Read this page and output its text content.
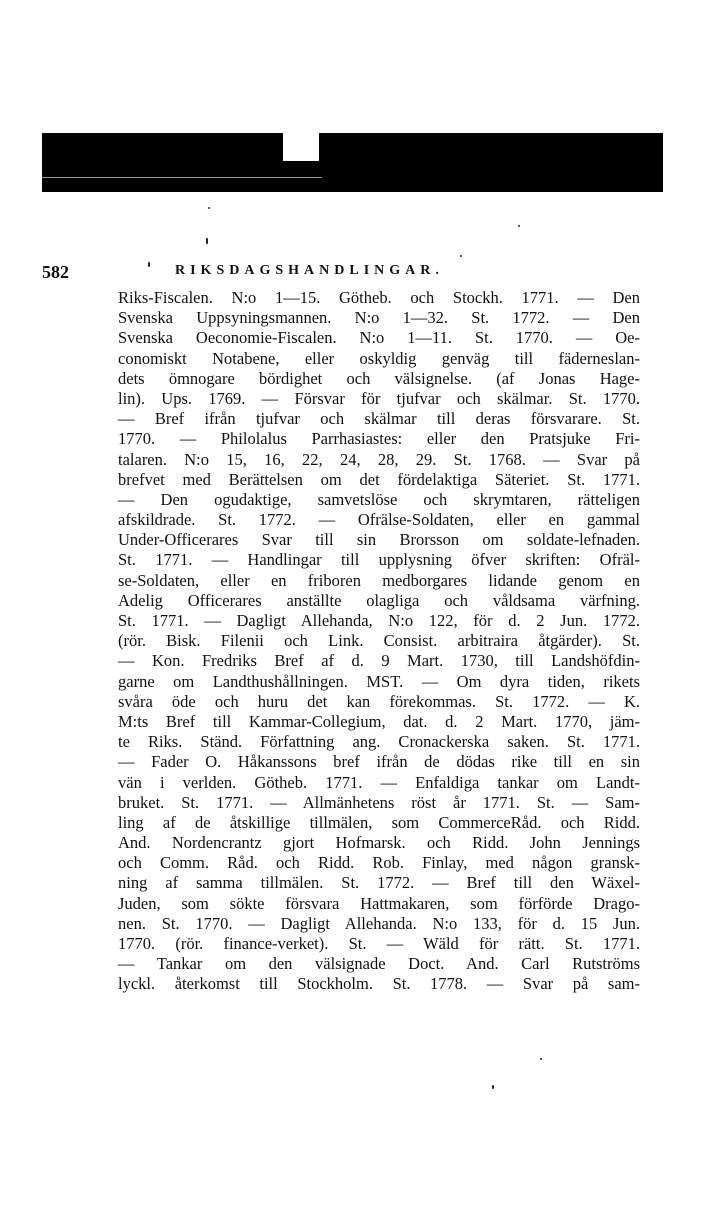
582	RIKSDAGSHANDLINGAR.
Riks-Fiscalen. N:o 1—15. Götheb. och Stockh. 1771. — Den
Svenska Uppsyningsmannen. N:o 1—32. St. 1772. — Den
Svenska Oeconomie-Fiscalen. N:o 1—11. St. 1770. — Oe-
conomiskt Notabene, eller oskyldig genväg till fäderneslan-
dets ömnogare bördighet och välsignelse. (af Jonas Hage-
lin). Ups. 1769. — Försvar för tjufvar och skälmar. St. 1770.
— Bref ifrån tjufvar och skälmar till deras försvarare. St.
1770. — Philolalus Parrhasiastes: eller den Pratsjuke Fri-
talaren. N:o 15, 16, 22, 24, 28, 29. St. 1768. — Svar på
brefvet med Berättelsen om det fördelaktiga Säteriet. St. 1771.
— Den ogudaktige, samvetslöse och skrymtaren, rätteligen
afskildrade. St. 1772. — Ofrälse-Soldaten, eller en gammal
Under-Officerares Svar till sin Brorsson om soldate-lefnaden.
St. 1771. — Handlingar till upplysning öfver skriften: Ofräl-
se-Soldaten, eller en friboren medborgares lidande genom en
Adelig Officerares anställte olagliga och våldsama värfning.
St. 1771. — Dagligt Allehanda, N:o 122, för d. 2 Jun. 1772.
(rör. Bisk. Filenii och Link. Consist. arbitraira åtgärder). St.
— Kon. Fredriks Bref af d. 9 Mart. 1730, till Landshöfdin-
garne om Landthushållningen. MST. — Om dyra tiden, rikets
svåra öde och huru det kan förekommas. St. 1772. — K.
M:ts Bref till Kammar-Collegium, dat. d. 2 Mart. 1770, jäm-
te Riks. Ständ. Författning ang. Cronackerska saken. St. 1771.
— Fader O. Håkanssons bref ifrån de dödas rike till en sin
vän i verlden. Götheb. 1771. — Enfaldiga tankar om Landt-
bruket. St. 1771. — Allmänhetens röst år 1771. St. — Sam-
ling af de åtskillige tillmälen, som CommerceRåd. och Ridd.
And. Nordencrantz gjort Hofmarsk. och Ridd. John Jennings
och Comm. Råd. och Ridd. Rob. Finlay, med någon gransk-
ning af samma tillmälen. St. 1772. — Bref till den Wäxel-
Juden, som sökte försvara Hattmakaren, som förförde Drago-
nen. St. 1770. — Dagligt Allehanda. N:o 133, för d. 15 Jun.
1770. (rör. finance-verket). St. — Wäld för rätt. St. 1771.
— Tankar om den välsignade Doct. And. Carl Rutströms
lyckl. återkomst till Stockholm. St. 1778. — Svar på sam-
